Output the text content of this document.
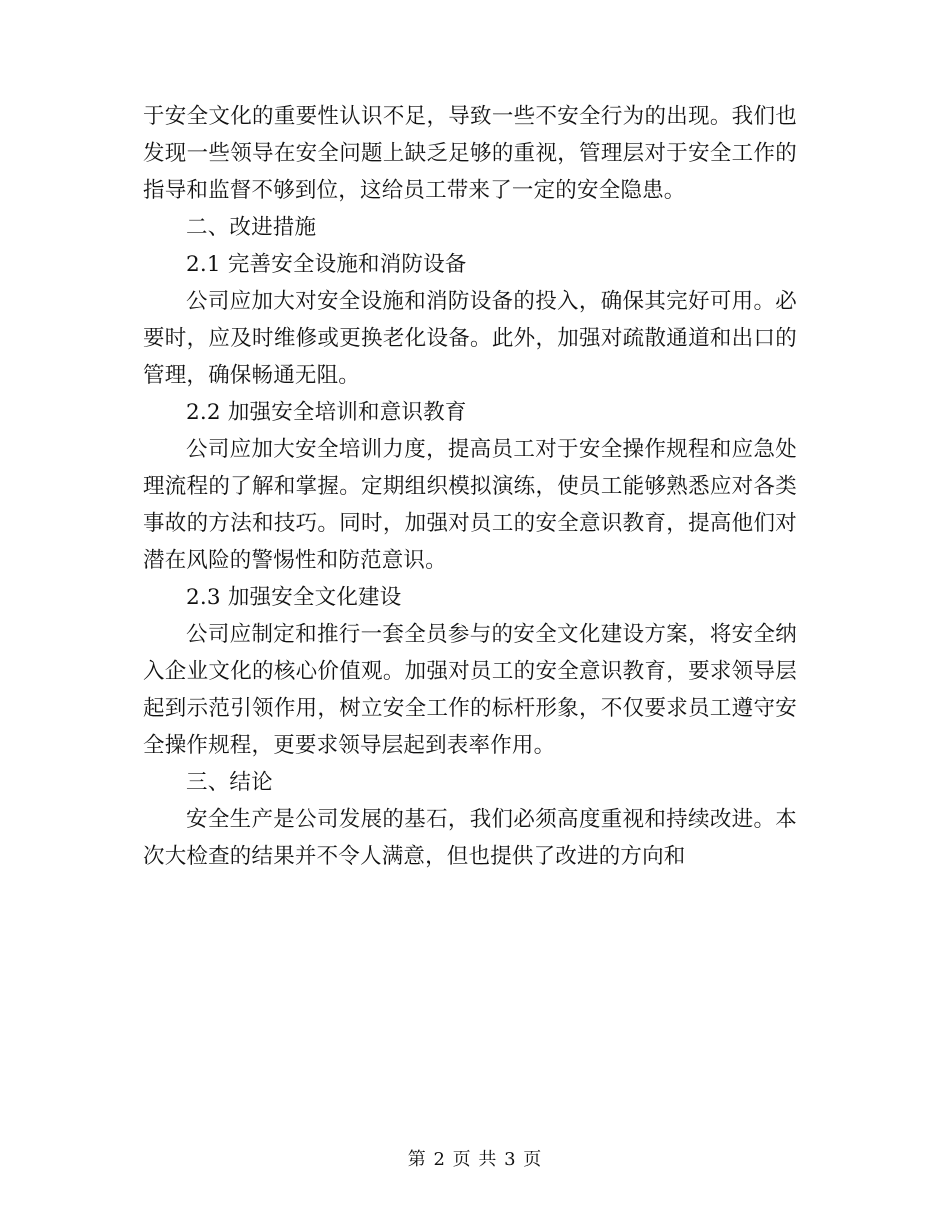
于安全文化的重要性认识不足，导致一些不安全行为的出现。我们也发现一些领导在安全问题上缺乏足够的重视，管理层对于安全工作的指导和监督不够到位，这给员工带来了一定的安全隐患。

二、改进措施

2.1 完善安全设施和消防设备

公司应加大对安全设施和消防设备的投入，确保其完好可用。必要时，应及时维修或更换老化设备。此外，加强对疏散通道和出口的管理，确保畅通无阻。

2.2 加强安全培训和意识教育

公司应加大安全培训力度，提高员工对于安全操作规程和应急处理流程的了解和掌握。定期组织模拟演练，使员工能够熟悉应对各类事故的方法和技巧。同时，加强对员工的安全意识教育，提高他们对潜在风险的警惕性和防范意识。

2.3 加强安全文化建设

公司应制定和推行一套全员参与的安全文化建设方案，将安全纳入企业文化的核心价值观。加强对员工的安全意识教育，要求领导层起到示范引领作用，树立安全工作的标杆形象，不仅要求员工遵守安全操作规程，更要求领导层起到表率作用。

三、结论

安全生产是公司发展的基石，我们必须高度重视和持续改进。本次大检查的结果并不令人满意，但也提供了改进的方向和

第 2 页 共 3 页
